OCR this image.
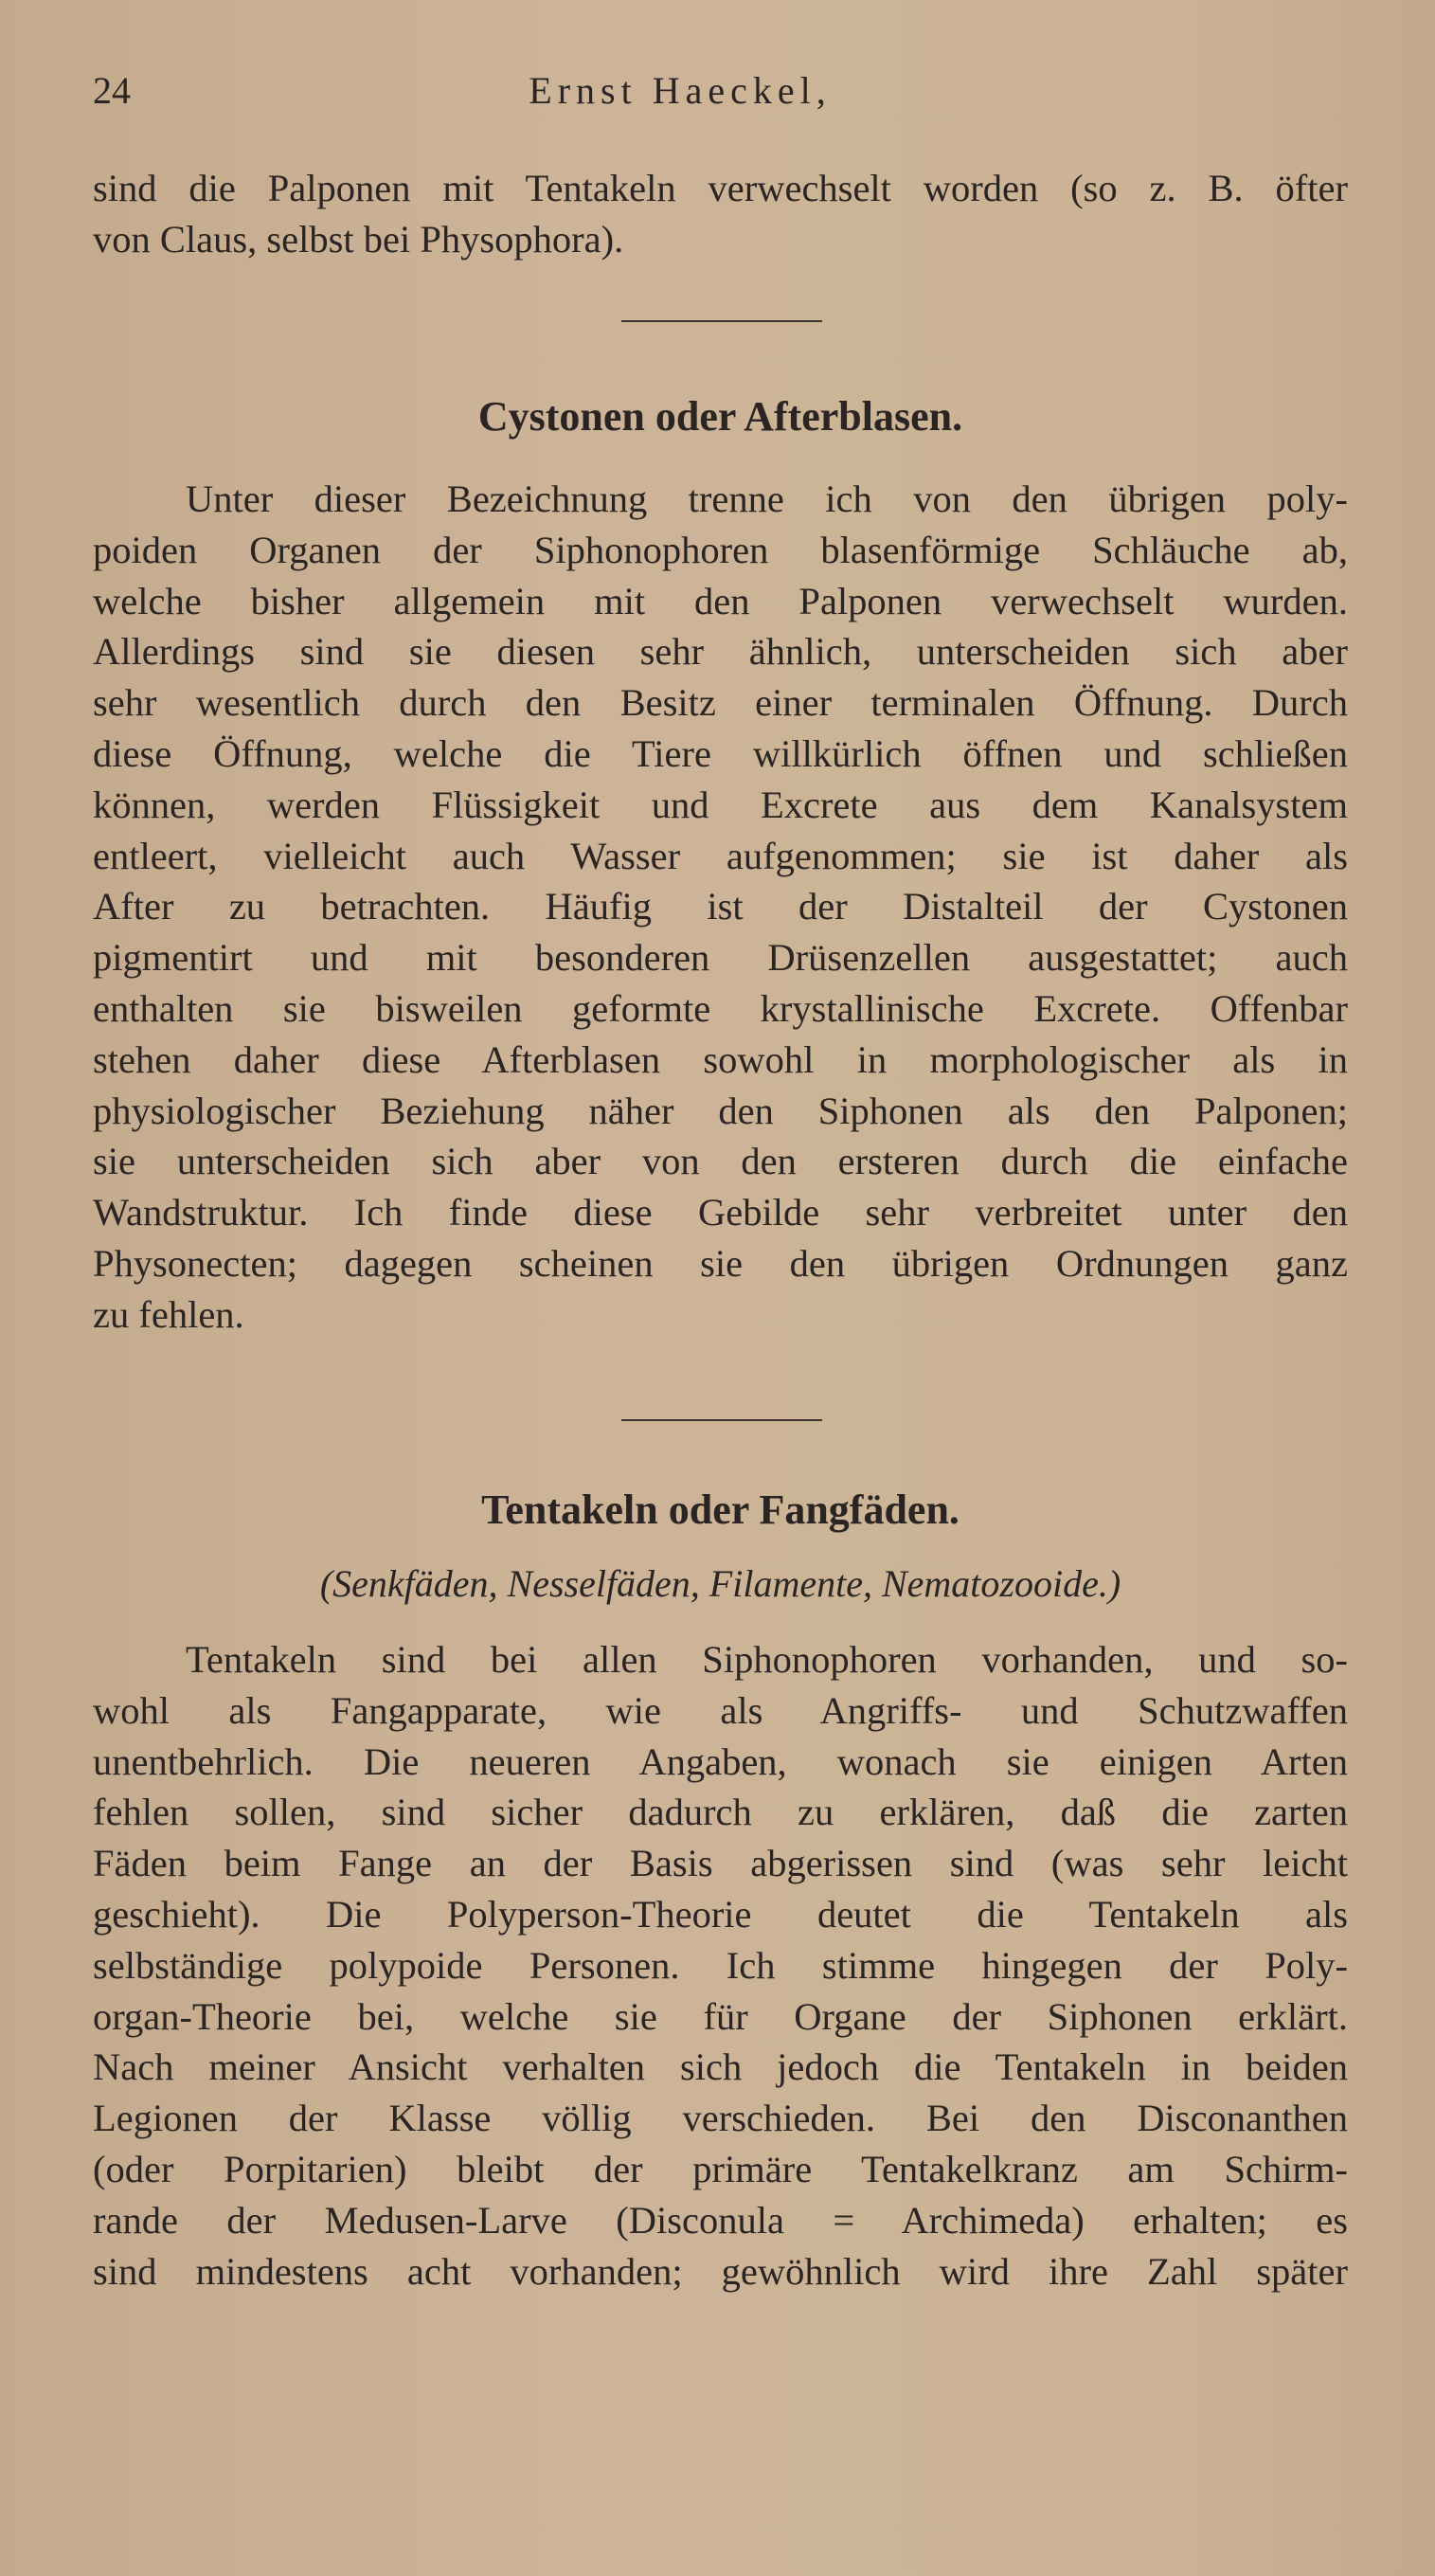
24	Ernst Haeckel,
sind die Palponen mit Tentakeln verwechselt worden (so z. B. öfter
von Claus, selbst bei Physophora).
Cystonen oder Afterblasen.
Unter dieser Bezeichnung trenne ich von den übrigen poly-
poiden Organen der Siphonophoren blasenförmige Schläuche ab,
welche bisher allgemein mit den Palponen verwechselt wurden.
Allerdings sind sie diesen sehr ähnlich, unterscheiden sich aber
sehr wesentlich durch den Besitz einer terminalen Öffnung. Durch
diese Öffnung, welche die Tiere willkürlich öffnen und schließen
können, werden Flüssigkeit und Excrete aus dem Kanalsystem
entleert, vielleicht auch Wasser aufgenommen; sie ist daher als
After zu betrachten. Häufig ist der Distalteil der Cystonen
pigmentirt und mit besonderen Drüsenzellen ausgestattet; auch
enthalten sie bisweilen geformte krystallinische Excrete. Offenbar
stehen daher diese Afterblasen sowohl in morphologischer als in
physiologischer Beziehung näher den Siphonen als den Palponen;
sie unterscheiden sich aber von den ersteren durch die einfache
Wandstruktur. Ich finde diese Gebilde sehr verbreitet unter den
Physonecten; dagegen scheinen sie den übrigen Ordnungen ganz
zu fehlen.
Tentakeln oder Fangfäden.
(Senkfäden, Nesselfäden, Filamente, Nematozooide.)
Tentakeln sind bei allen Siphonophoren vorhanden, und so-
wohl als Fangapparate, wie als Angriffs- und Schutzwaffen
unentbehrlich. Die neueren Angaben, wonach sie einigen Arten
fehlen sollen, sind sicher dadurch zu erklären, daß die zarten
Fäden beim Fange an der Basis abgerissen sind (was sehr leicht
geschieht). Die Polyperson-Theorie deutet die Tentakeln als
selbständige polypoide Personen. Ich stimme hingegen der Poly-
organ-Theorie bei, welche sie für Organe der Siphonen erklärt.
Nach meiner Ansicht verhalten sich jedoch die Tentakeln in beiden
Legionen der Klasse völlig verschieden. Bei den Disconanthen
(oder Porpitarien) bleibt der primäre Tentakelkranz am Schirm-
rande der Medusen-Larve (Disconula = Archimeda) erhalten; es
sind mindestens acht vorhanden; gewöhnlich wird ihre Zahl später
